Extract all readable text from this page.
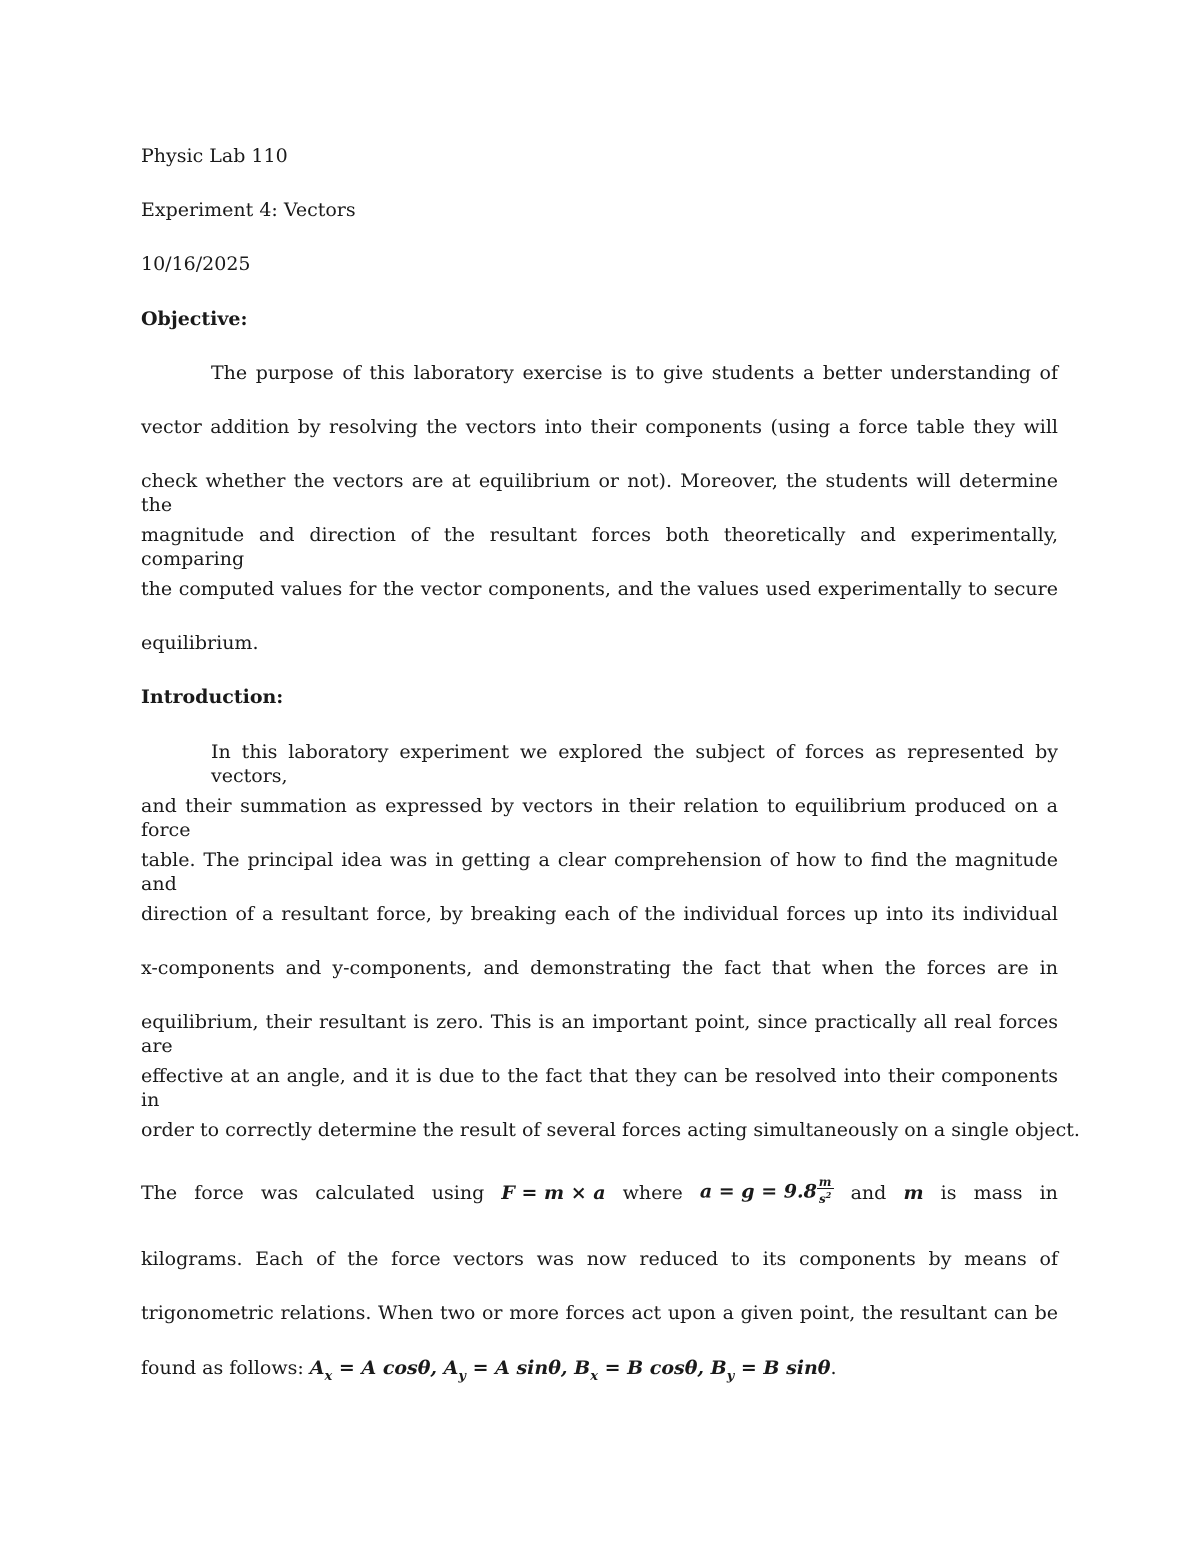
Physic Lab 110
Experiment 4: Vectors
10/16/2025
Objective:
The purpose of this laboratory exercise is to give students a better understanding of
vector addition by resolving the vectors into their components (using a force table they will
check whether the vectors are at equilibrium or not). Moreover, the students will determine the
magnitude and direction of the resultant forces both theoretically and experimentally, comparing
the computed values for the vector components, and the values used experimentally to secure
equilibrium.
Introduction:
In this laboratory experiment we explored the subject of forces as represented by vectors,
and their summation as expressed by vectors in their relation to equilibrium produced on a force
table. The principal idea was in getting a clear comprehension of how to find the magnitude and
direction of a resultant force, by breaking each of the individual forces up into its individual
x-components and y-components, and demonstrating the fact that when the forces are in
equilibrium, their resultant is zero. This is an important point, since practically all real forces are
effective at an angle, and it is due to the fact that they can be resolved into their components in
order to correctly determine the result of several forces acting simultaneously on a single object.
The force was calculated using F = m × a where $a = g = 9.8 \frac{m}{s^2}$ and m is mass in
kilograms. Each of the force vectors was now reduced to its components by means of
trigonometric relations. When two or more forces act upon a given point, the resultant can be
found as follows: $A_x = A$ cosθ, $A_y = A$ sinθ, $B_x = B$ cosθ, $B_y = B$ sinθ.
